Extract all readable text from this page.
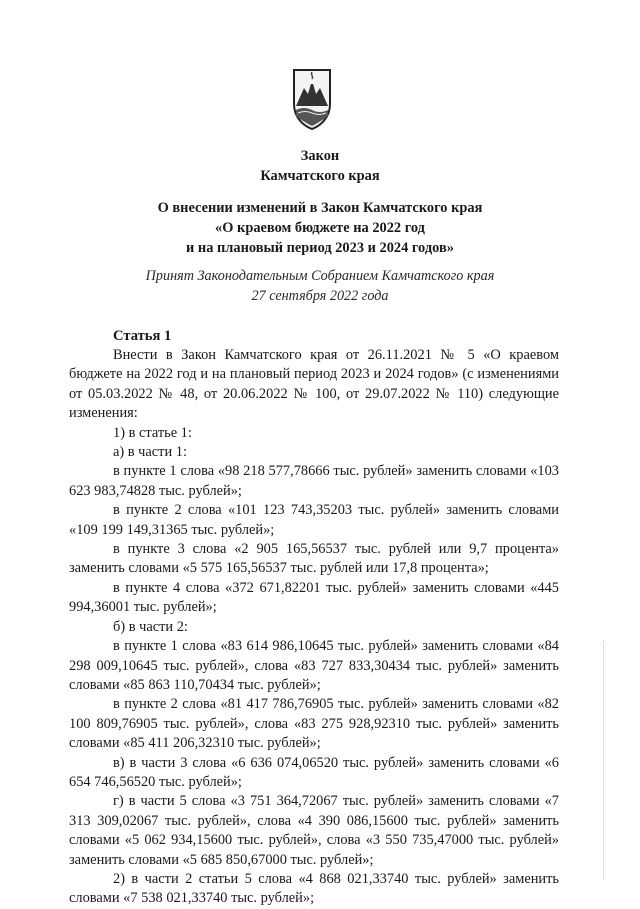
Закон
Камчатского края
О внесении изменений в Закон Камчатского края
«О краевом бюджете на 2022 год
и на плановый период 2023 и 2024 годов»
Принят Законодательным Собранием Камчатского края
27 сентября 2022 года
Статья 1

Внести в Закон Камчатского края от 26.11.2021 № 5 «О краевом бюджете на 2022 год и на плановый период 2023 и 2024 годов» (с изменениями от 05.03.2022 № 48, от 20.06.2022 № 100, от 29.07.2022 № 110) следующие изменения:

1) в статье 1:

а) в части 1:

в пункте 1 слова «98 218 577,78666 тыс. рублей» заменить словами «103 623 983,74828 тыс. рублей»;

в пункте 2 слова «101 123 743,35203 тыс. рублей» заменить словами «109 199 149,31365 тыс. рублей»;

в пункте 3 слова «2 905 165,56537 тыс. рублей или 9,7 процента» заменить словами «5 575 165,56537 тыс. рублей или 17,8 процента»;

в пункте 4 слова «372 671,82201 тыс. рублей» заменить словами «445 994,36001 тыс. рублей»;

б) в части 2:

в пункте 1 слова «83 614 986,10645 тыс. рублей» заменить словами «84 298 009,10645 тыс. рублей», слова «83 727 833,30434 тыс. рублей» заменить словами «85 863 110,70434 тыс. рублей»;

в пункте 2 слова «81 417 786,76905 тыс. рублей» заменить словами «82 100 809,76905 тыс. рублей», слова «83 275 928,92310 тыс. рублей» заменить словами «85 411 206,32310 тыс. рублей»;

в) в части 3 слова «6 636 074,06520 тыс. рублей» заменить словами «6 654 746,56520 тыс. рублей»;

г) в части 5 слова «3 751 364,72067 тыс. рублей» заменить словами «7 313 309,02067 тыс. рублей», слова «4 390 086,15600 тыс. рублей» заменить словами «5 062 934,15600 тыс. рублей», слова «3 550 735,47000 тыс. рублей» заменить словами «5 685 850,67000 тыс. рублей»;

2) в части 2 статьи 5 слова «4 868 021,33740 тыс. рублей» заменить словами «7 538 021,33740 тыс. рублей»;
